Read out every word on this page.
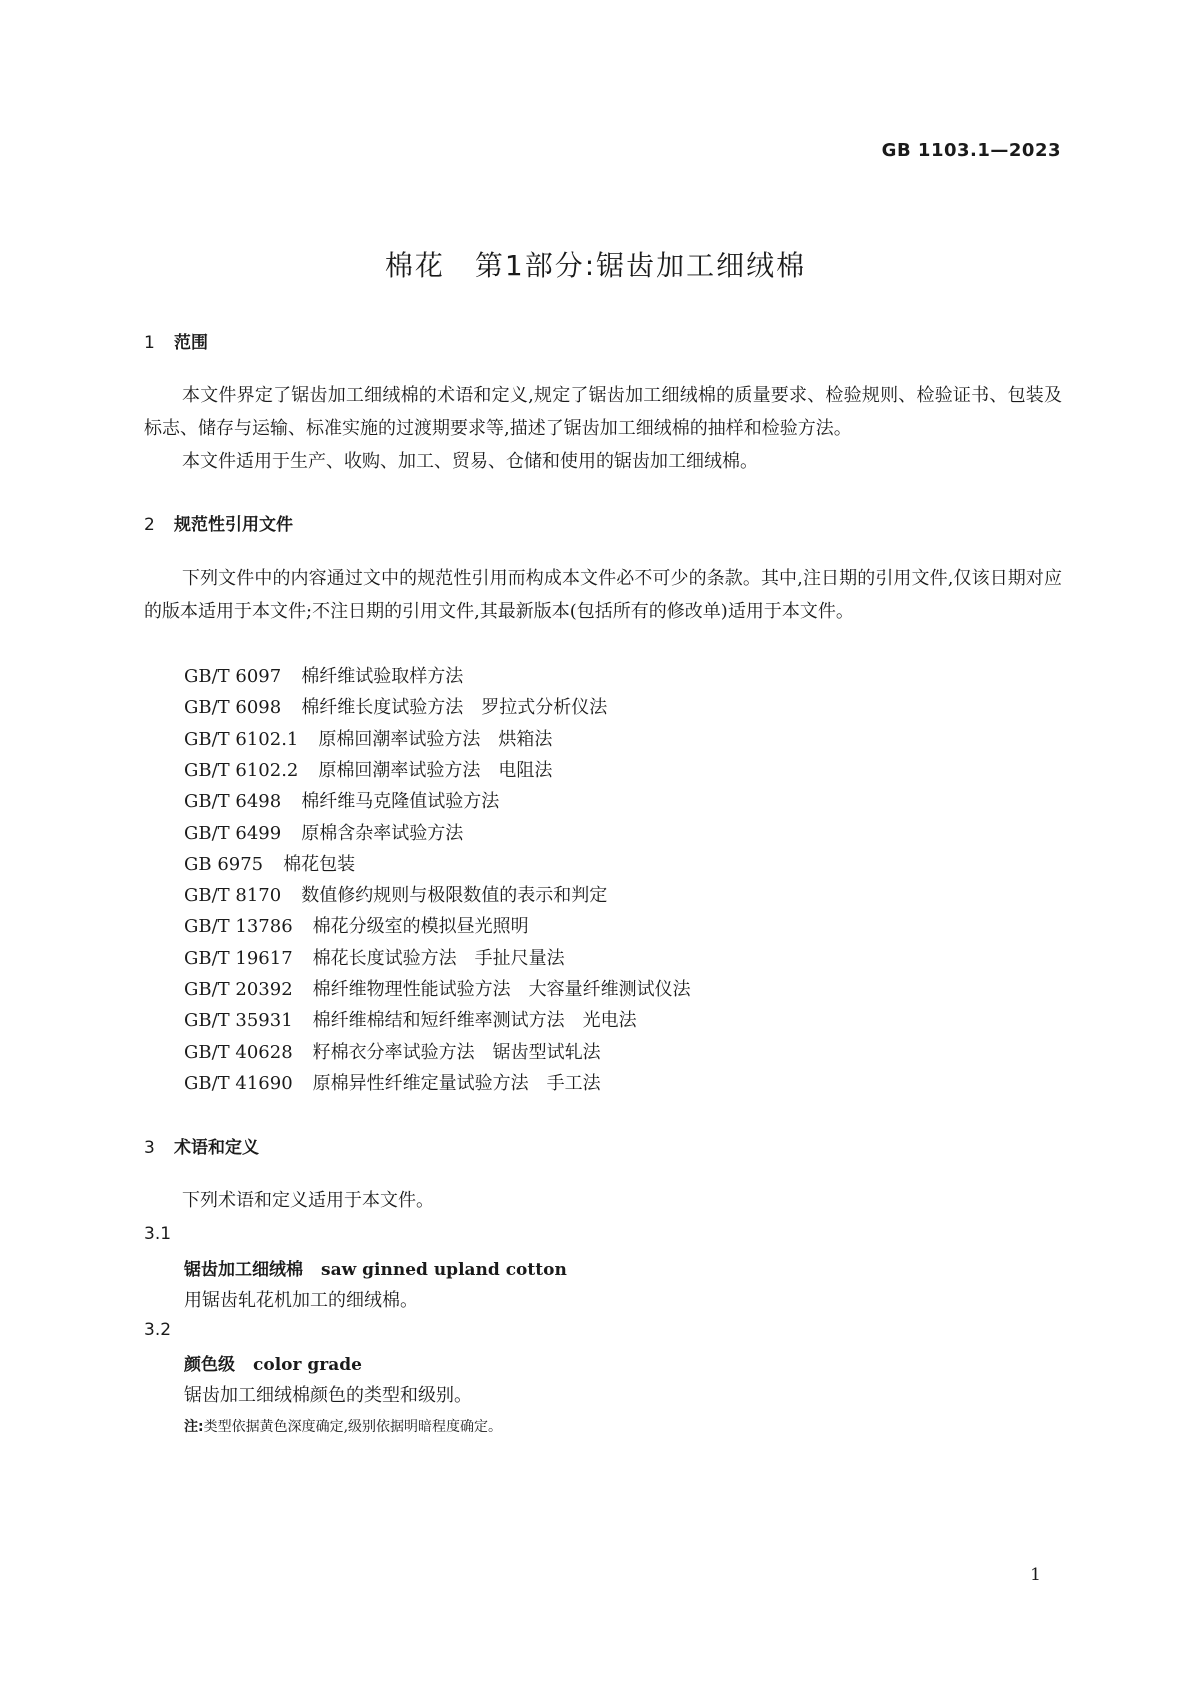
GB 1103.1—2023
棉花　第1部分:锯齿加工细绒棉
1 范围
本文件界定了锯齿加工细绒棉的术语和定义,规定了锯齿加工细绒棉的质量要求、检验规则、检验证书、包装及标志、储存与运输、标准实施的过渡期要求等,描述了锯齿加工细绒棉的抽样和检验方法。
本文件适用于生产、收购、加工、贸易、仓储和使用的锯齿加工细绒棉。
2 规范性引用文件
下列文件中的内容通过文中的规范性引用而构成本文件必不可少的条款。其中,注日期的引用文件,仅该日期对应的版本适用于本文件;不注日期的引用文件,其最新版本(包括所有的修改单)适用于本文件。
GB/T 6097 棉纤维试验取样方法
GB/T 6098 棉纤维长度试验方法　罗拉式分析仪法
GB/T 6102.1 原棉回潮率试验方法　烘箱法
GB/T 6102.2 原棉回潮率试验方法　电阻法
GB/T 6498 棉纤维马克隆值试验方法
GB/T 6499 原棉含杂率试验方法
GB 6975 棉花包装
GB/T 8170 数值修约规则与极限数值的表示和判定
GB/T 13786 棉花分级室的模拟昼光照明
GB/T 19617 棉花长度试验方法　手扯尺量法
GB/T 20392 棉纤维物理性能试验方法　大容量纤维测试仪法
GB/T 35931 棉纤维棉结和短纤维率测试方法　光电法
GB/T 40628 籽棉衣分率试验方法　锯齿型试轧法
GB/T 41690 原棉异性纤维定量试验方法　手工法
3 术语和定义
下列术语和定义适用于本文件。
3.1
锯齿加工细绒棉 saw ginned upland cotton
用锯齿轧花机加工的细绒棉。
3.2
颜色级 color grade
锯齿加工细绒棉颜色的类型和级别。
注:类型依据黄色深度确定,级别依据明暗程度确定。
1
